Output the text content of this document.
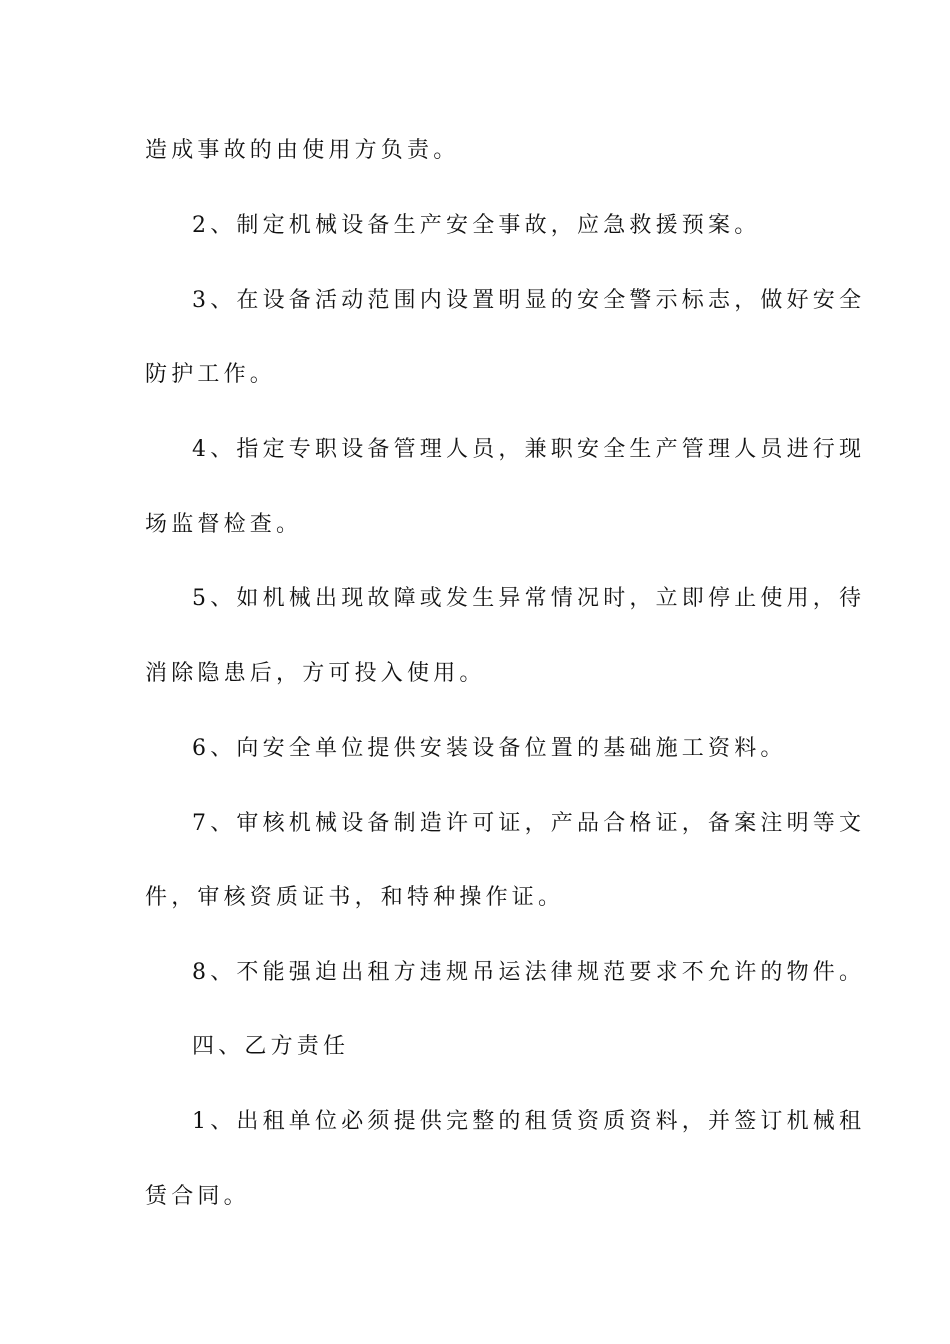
造成事故的由使用方负责。
2、制定机械设备生产安全事故，应急救援预案。
3、在设备活动范围内设置明显的安全警示标志，做好安全
防护工作。
4、指定专职设备管理人员，兼职安全生产管理人员进行现
场监督检查。
5、如机械出现故障或发生异常情况时，立即停止使用，待
消除隐患后，方可投入使用。
6、向安全单位提供安装设备位置的基础施工资料。
7、审核机械设备制造许可证，产品合格证，备案注明等文
件，审核资质证书，和特种操作证。
8、不能强迫出租方违规吊运法律规范要求不允许的物件。
四、乙方责任
1、出租单位必须提供完整的租赁资质资料，并签订机械租
赁合同。
